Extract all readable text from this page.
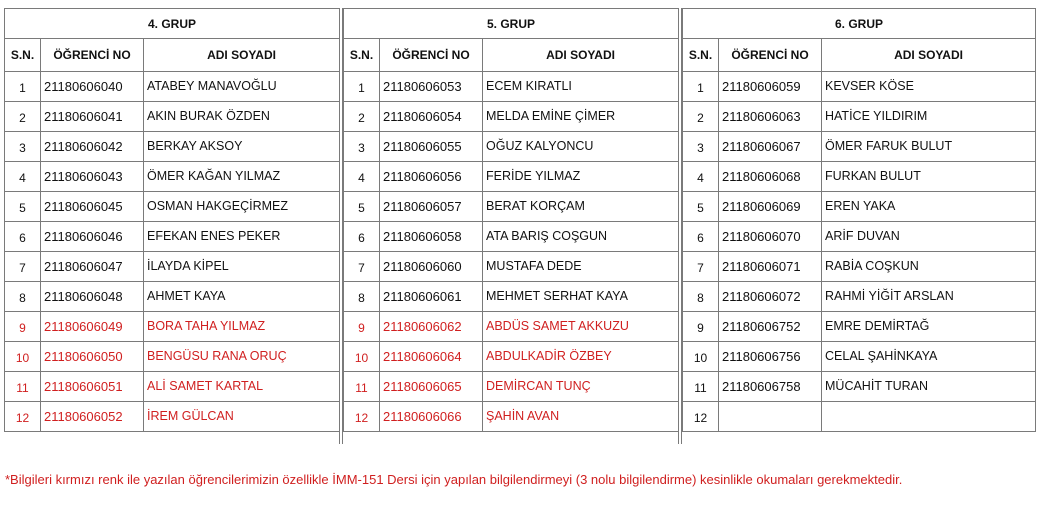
4. GRUP		
S.N.	ÖĞRENCİ NO	ADI SOYADI
1	21180606040	ATABEY MANAVOĞLU
2	21180606041	AKIN BURAK ÖZDEN
3	21180606042	BERKAY AKSOY
4	21180606043	ÖMER KAĞAN YILMAZ
5	21180606045	OSMAN HAKGEÇİRMEZ
6	21180606046	EFEKAN ENES PEKER
7	21180606047	İLAYDA KİPEL
8	21180606048	AHMET KAYA
9	21180606049	BORA TAHA YILMAZ
10	21180606050	BENGÜSU RANA ORUÇ
11	21180606051	ALİ SAMET KARTAL
12	21180606052	İREM GÜLCAN
5. GRUP		
S.N.	ÖĞRENCİ NO	ADI SOYADI
1	21180606053	ECEM KIRATLI
2	21180606054	MELDA EMİNE ÇİMER
3	21180606055	OĞUZ KALYONCU
4	21180606056	FERİDE YILMAZ
5	21180606057	BERAT KORÇAM
6	21180606058	ATA BARIŞ COŞGUN
7	21180606060	MUSTAFA DEDE
8	21180606061	MEHMET SERHAT KAYA
9	21180606062	ABDÜS SAMET AKKUZU
10	21180606064	ABDULKADİR ÖZBEY
11	21180606065	DEMİRCAN TUNÇ
12	21180606066	ŞAHİN AVAN
6. GRUP		
S.N.	ÖĞRENCİ NO	ADI SOYADI
1	21180606059	KEVSER KÖSE
2	21180606063	HATİCE YILDIRIM
3	21180606067	ÖMER FARUK BULUT
4	21180606068	FURKAN BULUT
5	21180606069	EREN YAKA
6	21180606070	ARİF DUVAN
7	21180606071	RABİA COŞKUN
8	21180606072	RAHMİ YİĞİT ARSLAN
9	21180606752	EMRE DEMİRTAĞ
10	21180606756	CELAL ŞAHİNKAYA
11	21180606758	MÜCAHİT TURAN
12		
*Bilgileri kırmızı renk ile yazılan öğrencilerimizin özellikle İMM-151 Dersi için yapılan bilgilendirmeyi (3 nolu bilgilendirme) kesinlikle okumaları gerekmektedir.
